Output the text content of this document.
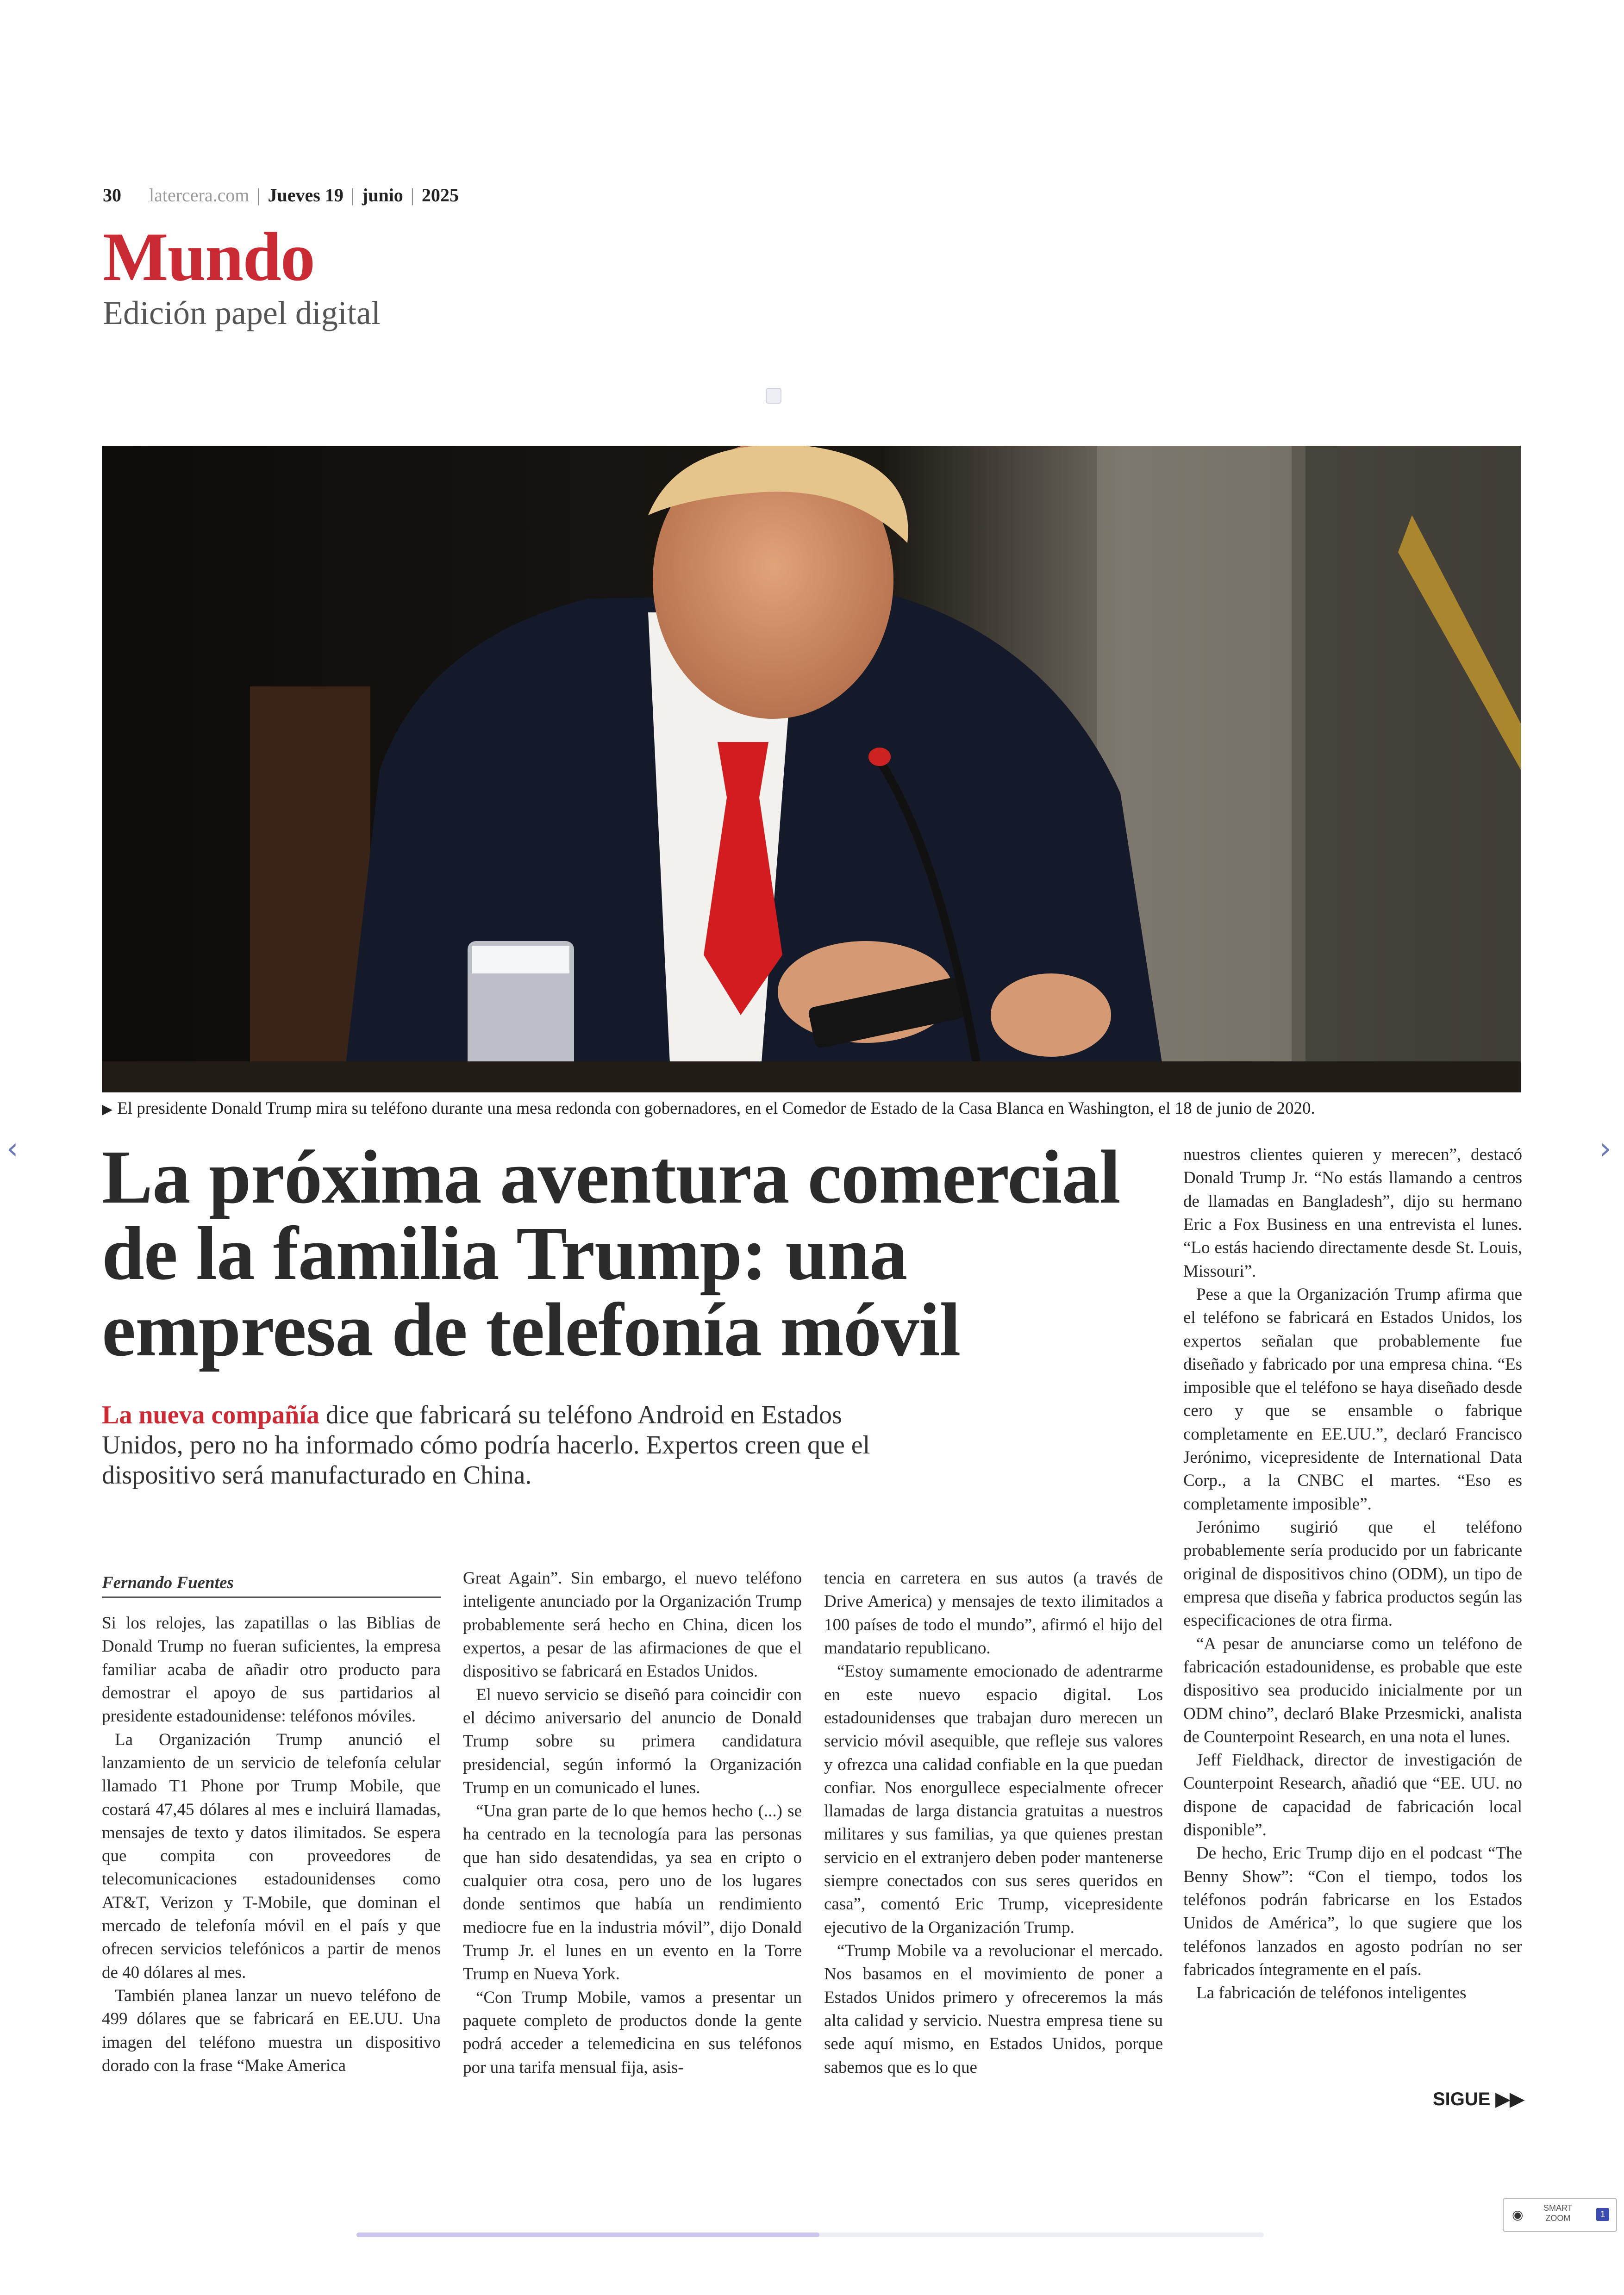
30 latercera.com | Jueves 19 | junio | 2025
Mundo
Edición papel digital
▶ El presidente Donald Trump mira su teléfono durante una mesa redonda con gobernadores, en el Comedor de Estado de la Casa Blanca en Washington, el 18 de junio de 2020.
La próxima aventura comercial de la familia Trump: una empresa de telefonía móvil
La nueva compañía dice que fabricará su teléfono Android en Estados Unidos, pero no ha informado cómo podría hacerlo. Expertos creen que el dispositivo será manufacturado en China.
Fernando Fuentes

Si los relojes, las zapatillas o las Biblias de Donald Trump no fueran suficientes, la empresa familiar acaba de añadir otro producto para demostrar el apoyo de sus partidarios al presidente estadounidense: teléfonos móviles.

La Organización Trump anunció el lanzamiento de un servicio de telefonía celular llamado T1 Phone por Trump Mobile, que costará 47,45 dólares al mes e incluirá llamadas, mensajes de texto y datos ilimitados. Se espera que compita con proveedores de telecomunicaciones estadounidenses como AT&T, Verizon y T-Mobile, que dominan el mercado de telefonía móvil en el país y que ofrecen servicios telefónicos a partir de menos de 40 dólares al mes.

También planea lanzar un nuevo teléfono de 499 dólares que se fabricará en EE.UU. Una imagen del teléfono muestra un dispositivo dorado con la frase “Make America

Great Again”. Sin embargo, el nuevo teléfono inteligente anunciado por la Organización Trump probablemente será hecho en China, dicen los expertos, a pesar de las afirmaciones de que el dispositivo se fabricará en Estados Unidos.

El nuevo servicio se diseñó para coincidir con el décimo aniversario del anuncio de Donald Trump sobre su primera candidatura presidencial, según informó la Organización Trump en un comunicado el lunes.

“Una gran parte de lo que hemos hecho (...) se ha centrado en la tecnología para las personas que han sido desatendidas, ya sea en cripto o cualquier otra cosa, pero uno de los lugares donde sentimos que había un rendimiento mediocre fue en la industria móvil”, dijo Donald Trump Jr. el lunes en un evento en la Torre Trump en Nueva York.

“Con Trump Mobile, vamos a presentar un paquete completo de productos donde la gente podrá acceder a telemedicina en sus teléfonos por una tarifa mensual fija, asis-

tencia en carretera en sus autos (a través de Drive America) y mensajes de texto ilimitados a 100 países de todo el mundo”, afirmó el hijo del mandatario republicano.

“Estoy sumamente emocionado de adentrarme en este nuevo espacio digital. Los estadounidenses que trabajan duro merecen un servicio móvil asequible, que refleje sus valores y ofrezca una calidad confiable en la que puedan confiar. Nos enorgullece especialmente ofrecer llamadas de larga distancia gratuitas a nuestros militares y sus familias, ya que quienes prestan servicio en el extranjero deben poder mantenerse siempre conectados con sus seres queridos en casa”, comentó Eric Trump, vicepresidente ejecutivo de la Organización Trump.

“Trump Mobile va a revolucionar el mercado. Nos basamos en el movimiento de poner a Estados Unidos primero y ofreceremos la más alta calidad y servicio. Nuestra empresa tiene su sede aquí mismo, en Estados Unidos, porque sabemos que es lo que

nuestros clientes quieren y merecen”, destacó Donald Trump Jr. “No estás llamando a centros de llamadas en Bangladesh”, dijo su hermano Eric a Fox Business en una entrevista el lunes. “Lo estás haciendo directamente desde St. Louis, Missouri”.

Pese a que la Organización Trump afirma que el teléfono se fabricará en Estados Unidos, los expertos señalan que probablemente fue diseñado y fabricado por una empresa china. “Es imposible que el teléfono se haya diseñado desde cero y que se ensamble o fabrique completamente en EE.UU.”, declaró Francisco Jerónimo, vicepresidente de International Data Corp., a la CNBC el martes. “Eso es completamente imposible”.

Jerónimo sugirió que el teléfono probablemente sería producido por un fabricante original de dispositivos chino (ODM), un tipo de empresa que diseña y fabrica productos según las especificaciones de otra firma.

“A pesar de anunciarse como un teléfono de fabricación estadounidense, es probable que este dispositivo sea producido inicialmente por un ODM chino”, declaró Blake Przesmicki, analista de Counterpoint Research, en una nota el lunes.

Jeff Fieldhack, director de investigación de Counterpoint Research, añadió que “EE. UU. no dispone de capacidad de fabricación local disponible”.

De hecho, Eric Trump dijo en el podcast “The Benny Show”: “Con el tiempo, todos los teléfonos podrán fabricarse en los Estados Unidos de América”, lo que sugiere que los teléfonos lanzados en agosto podrían no ser fabricados íntegramente en el país.

La fabricación de teléfonos inteligentes

SIGUE ▶▶
‹	›
◉ SMART
ZOOM	1
